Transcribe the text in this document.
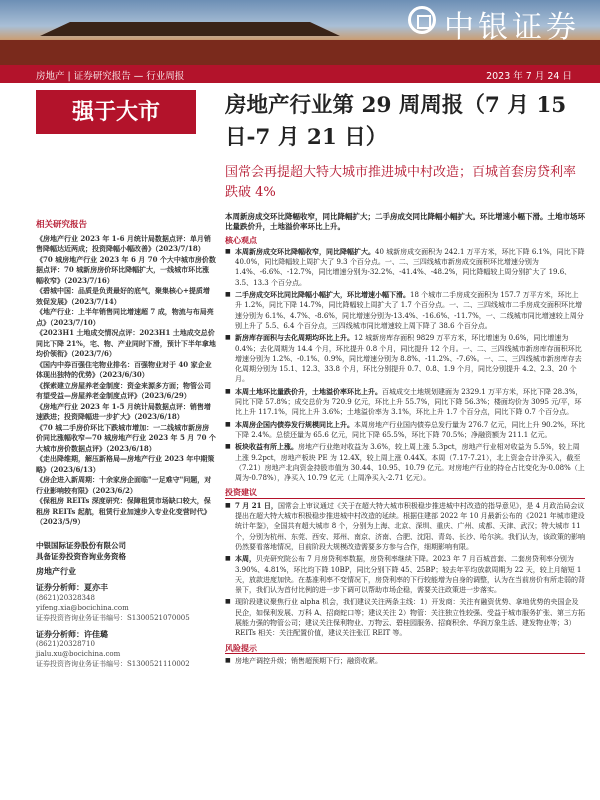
中银证券
房地产 | 证券研究报告 — 行业周报	2023 年 7 月 24 日
强于大市	房地产行业第 29 周周报（7 月 15 日-7 月 21 日）
国常会再提超大特大城市推进城中村改造；百城首套房贷利率跌破 4%
相关研究报告
《房地产行业 2023 年 1-6 月统计局数据点评：单月销售降幅达近两成；投资降幅小幅改善》（2023/7/18）
《70 城房地产行业 2023 年 6 月 70 个大中城市房价数据点评：70 城新房房价环比降幅扩大，一线城市环比涨幅收窄》（2023/7/16）
《碧城中国：品质是负责最好的底气，聚集核心+提质增效促发展》（2023/7/14）
《地产行业：上半年销售同比增速超 7 成，物流与布局亮点》（2023/7/10）
《2023H1 土地成交情况点评：2023H1 土地成交总价同比下降 21%，宅、物、产业同时下滑，预计下半年拿地均价领衔》（2023/7/6）
《国内中券百强住宅物业排名：百强物业对于 40 家企业体现出独特的优势》（2023/6/30）
《探索建立房屋养老金制度：资金来源多方面；物管公司有望受益—房屋养老金制度点评》（2023/6/29）
《房地产行业 2023 年 1-5 月统计局数据点评：销售增速跌进；投资降幅进一步扩大》（2023/6/18）
《70 城二手房价环比下跌城市增加：一二线城市新房房价同比涨幅收窄—70 城房地产行业 2023 年 5 月 70 个大城市房价数据点评》（2023/6/18）
《走出降维期，解压新格局—房地产行业 2023 年中期策略》（2023/6/13）
《房企进入新周期：十余家房企面临"一足难守"问题，对行业影响较有限》（2023/6/2）
《保租房 REITs 深度研究：保障租赁市场缺口较大，保租房 REITs 起航，租赁行业加速步入专业化变营时代》（2023/5/9）
中银国际证券股份有限公司
具备证券投资咨询业务资格
房地产行业
证券分析师：夏亦丰
(8621)20328348
yifeng.xia@bocichina.com
证券投资咨询业务证书编号：S1300521070005
证券分析师：许佳璐
(8621)20328710
jialu.xu@bocichina.com
证券投资咨询业务证书编号：S1300521110002
本周新房成交环比降幅收窄，同比降幅扩大；二手房成交同比降幅小幅扩大。环比增速小幅下滑。土地市场环比量跌价升，土地溢价率环比上升。
核心观点
■ 本周新房成交环比降幅收窄，同比降幅扩大。40 城新房成交面积为 242.1 万平方米，环比下降 6.1%，同比下降 40.0%，同比降幅较上周扩大了 9.3 个百分点。一、二、三四线城市新房成交面积环比增速分别为 1.4%、-6.6%、-12.7%，同比增速分别为-32.2%、-41.4%、-48.2%，同比降幅较上周分别扩大了 19.6、3.5、13.3 个百分点。
■ 二手房成交环比同比降幅小幅扩大，环比增速小幅下滑。18 个城市二手房成交面积为 157.7 万平方米，环比上升 1.2%，同比下降 14.7%，同比降幅较上周扩大了 1.7 个百分点。一、二、三四线城市二手房成交面积环比增速分别为 6.1%、4.7%、-8.6%，同比增速分别为-13.4%、-16.6%、-11.7%，一、二线城市同比增速较上周分别上升了 5.5、6.4 个百分点，三四线城市同比增速较上周下降了 38.6 个百分点。
■ 新房库存面积与去化周期均环比上升。12 城新房库存面积 9829 万平方米，环比增速为 0.6%，同比增速为 0.4%；去化周期为 14.4 个月，环比提升 0.8 个月，同比提升 12 个月。一、二、三四线城市新房库存面积环比增速分别为 1.2%、-0.1%、0.9%，同比增速分别为 8.8%、-11.2%、-7.6%。一、二、三四线城市新房库存去化周期分别为 15.1、12.3、33.8 个月，环比分别提升 0.7、0.8、1.9 个月，同比分别提升 4.2、2.3、20 个月。
■ 本周土地环比量跌价升，土地溢价率环比上升。百城成交土地规划建面为 2329.1 万平方米，环比下降 28.3%，同比下降 57.8%；成交总价为 720.9 亿元，环比上升 55.7%，同比下降 56.3%；楼面均价为 3095 元/平，环比上升 117.1%，同比上升 3.6%；土地溢价率为 3.1%，环比上升 1.7 个百分点，同比下降 0.7 个百分点。
■ 本周房企国内债券发行规模同比上升。本周房地产行业国内债券总发行量为 276.7 亿元，同比上升 90.2%，环比下降 2.4%。总偿还量为 65.6 亿元，同比下降 65.5%，环比下降 70.5%；净融资额为 211.1 亿元。
■ 板块收益有所上涨。房地产行业绝对收益为 3.6%，较上周上涨 5.3pct，房地产行业相对收益为 5.5%，较上周上涨 9.2pct，房地产板块 PE 为 12.4X，较上周上涨 0.44X。本周（7.17-7.21），北上资金合计净买入，截至（7.21）房地产北向资金持股市值为 30.44、10.95、10.79 亿元。对房地产行业的持仓占比变化为-0.08%（上周为-0.78%），净买入 10.79 亿元（上周净买入-2.71 亿元）。
投资建议
■ 7 月 21 日，国常会上审议通过《关于在超大特大城市积极稳步推进城中村改造的指导意见》，是 4 月政治局会议提出在超大特大城市积极稳步推进城中村改造的延续。根据住建部 2022 年 10 月最新公布的《2021 年城市建设统计年鉴》，全国共有超大城市 8 个，分别为上海、北京、深圳、重庆、广州、成都、天津、武汉；特大城市 11 个，分别为杭州、东莞、西安、郑州、南京、济南、合肥、沈阳、青岛、长沙、哈尔滨。我们认为，该政策的影响仍然要看落地情况，目前阶段大规模改造需要多方参与合作，细期影响有限。
■ 本周，贝壳研究院公布 7 月房贷利率数据，房贷利率继续下降。2023 年 7 月百城首套、二套房贷利率分别为 3.90%、4.81%，环比均下降 10BP，同比分别下降 45、25BP；较去年平均放款周期为 22 天，较上月缩短 1 天，放款进度加快。在基准利率不变情况下，房贷利率的下行较能增为自身的调整，认为在当前房价有所走弱的背景下，我们认为首付比例的进一步下调可以帮助市场企稳，需要关注政策进一步落实。
■ 现阶段建议聚焦行业 alpha 机会，我们建议关注两条主线：1）开发商：关注有融资优势、拿地优势的央国企及民企，如保利发展、万科 A、招商蛇口等；建议关注 2）物管：关注独立性较强、受益于城市服务扩张、第三方拓展能力强的物管公司；建议关注保利物业、万物云、碧桂园服务、招商积余、华润万象生活、建发物业等；3）REITs 相关：关注配置价值，建议关注张江 REIT 等。
风险提示
■ 房地产调控升级；销售超预期下行；融资收紧。
